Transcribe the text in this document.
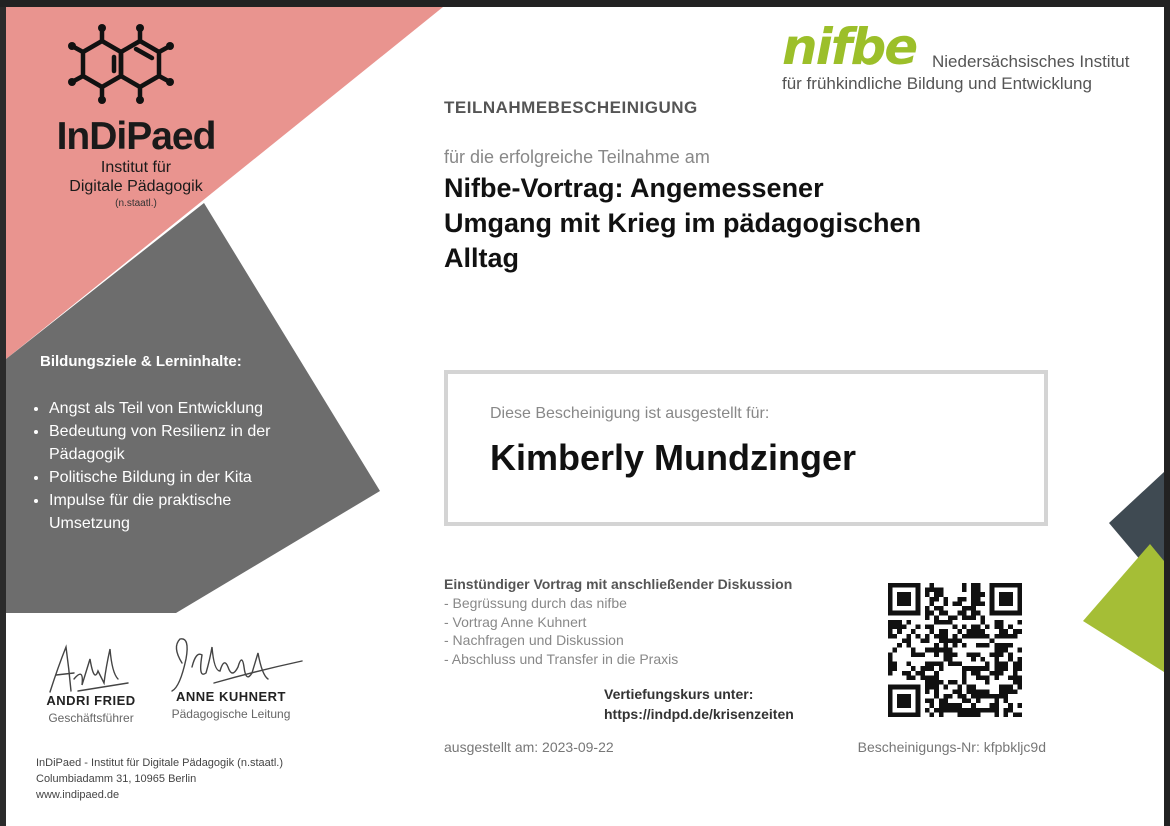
InDiPaed
Institut für
Digitale Pädagogik
(n.staatl.)
Bildungsziele & Lerninhalte:
• Angst als Teil von Entwicklung
• Bedeutung von Resilienz in der Pädagogik
• Politische Bildung in der Kita
• Impulse für die praktische Umsetzung
ANDRI FRIED
Geschäftsführer
ANNE KUHNERT
Pädagogische Leitung
InDiPaed - Institut für Digitale Pädagogik (n.staatl.)
Columbiadamm 31, 10965 Berlin
www.indipaed.de
nifbe Niedersächsisches Institut
für frühkindliche Bildung und Entwicklung
TEILNAHMEBESCHEINIGUNG
für die erfolgreiche Teilnahme am
Nifbe-Vortrag: Angemessener
Umgang mit Krieg im pädagogischen
Alltag
Diese Bescheinigung ist ausgestellt für:
Kimberly Mundzinger
Einstündiger Vortrag mit anschließender Diskussion
- Begrüssung durch das nifbe
- Vortrag Anne Kuhnert
- Nachfragen und Diskussion
- Abschluss und Transfer in die Praxis
Vertiefungskurs unter:
https://indpd.de/krisenzeiten
ausgestellt am: 2023-09-22	Bescheinigungs-Nr: kfpbkljc9d
